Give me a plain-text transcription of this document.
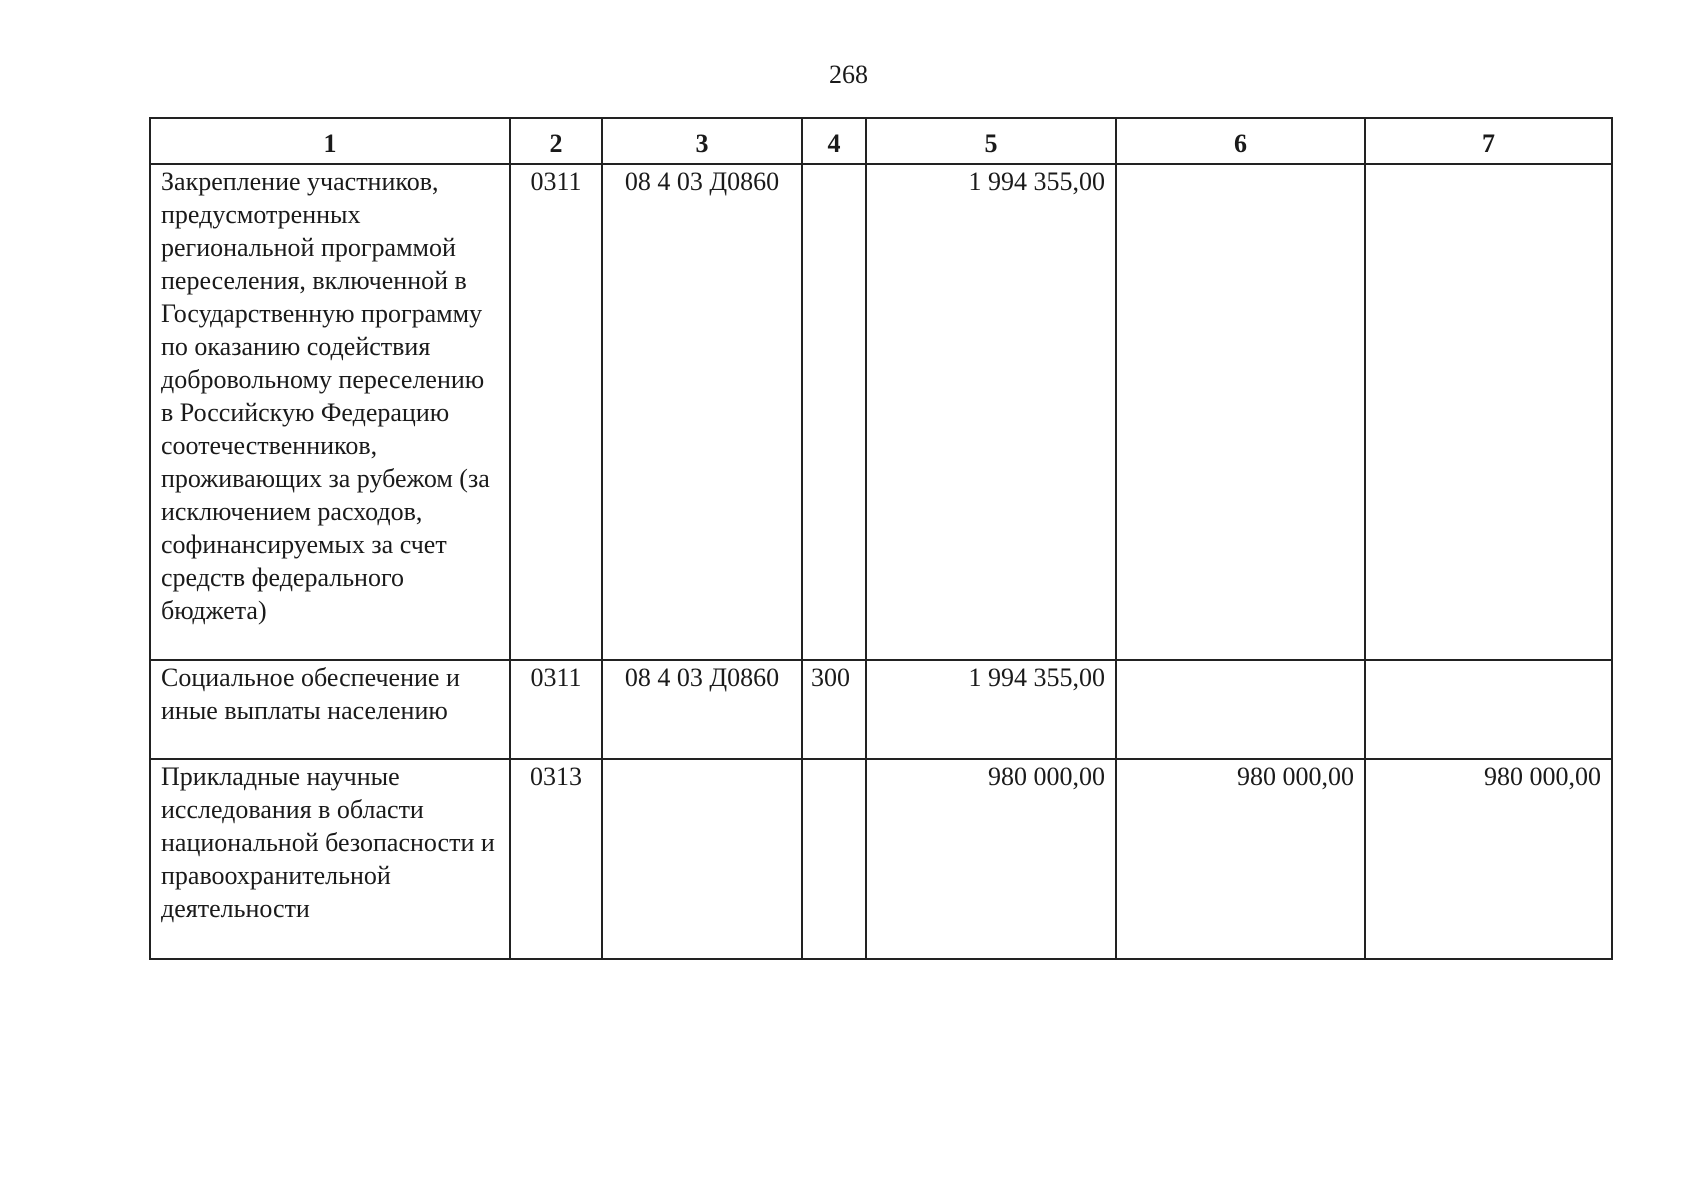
268
1	2	3	4	5	6	7
Закрепление участников, предусмотренных региональной программой переселения, включенной в Государственную программу по оказанию содействия добровольному переселению в Российскую Федерацию соотечественников, проживающих за рубежом (за исключением расходов, софинансируемых за счет средств федерального бюджета)	0311	08 4 03 Д0860		1 994 355,00		
Социальное обеспечение и иные выплаты населению	0311	08 4 03 Д0860	300	1 994 355,00		
Прикладные научные исследования в области национальной безопасности и правоохранительной деятельности	0313			980 000,00	980 000,00	980 000,00
